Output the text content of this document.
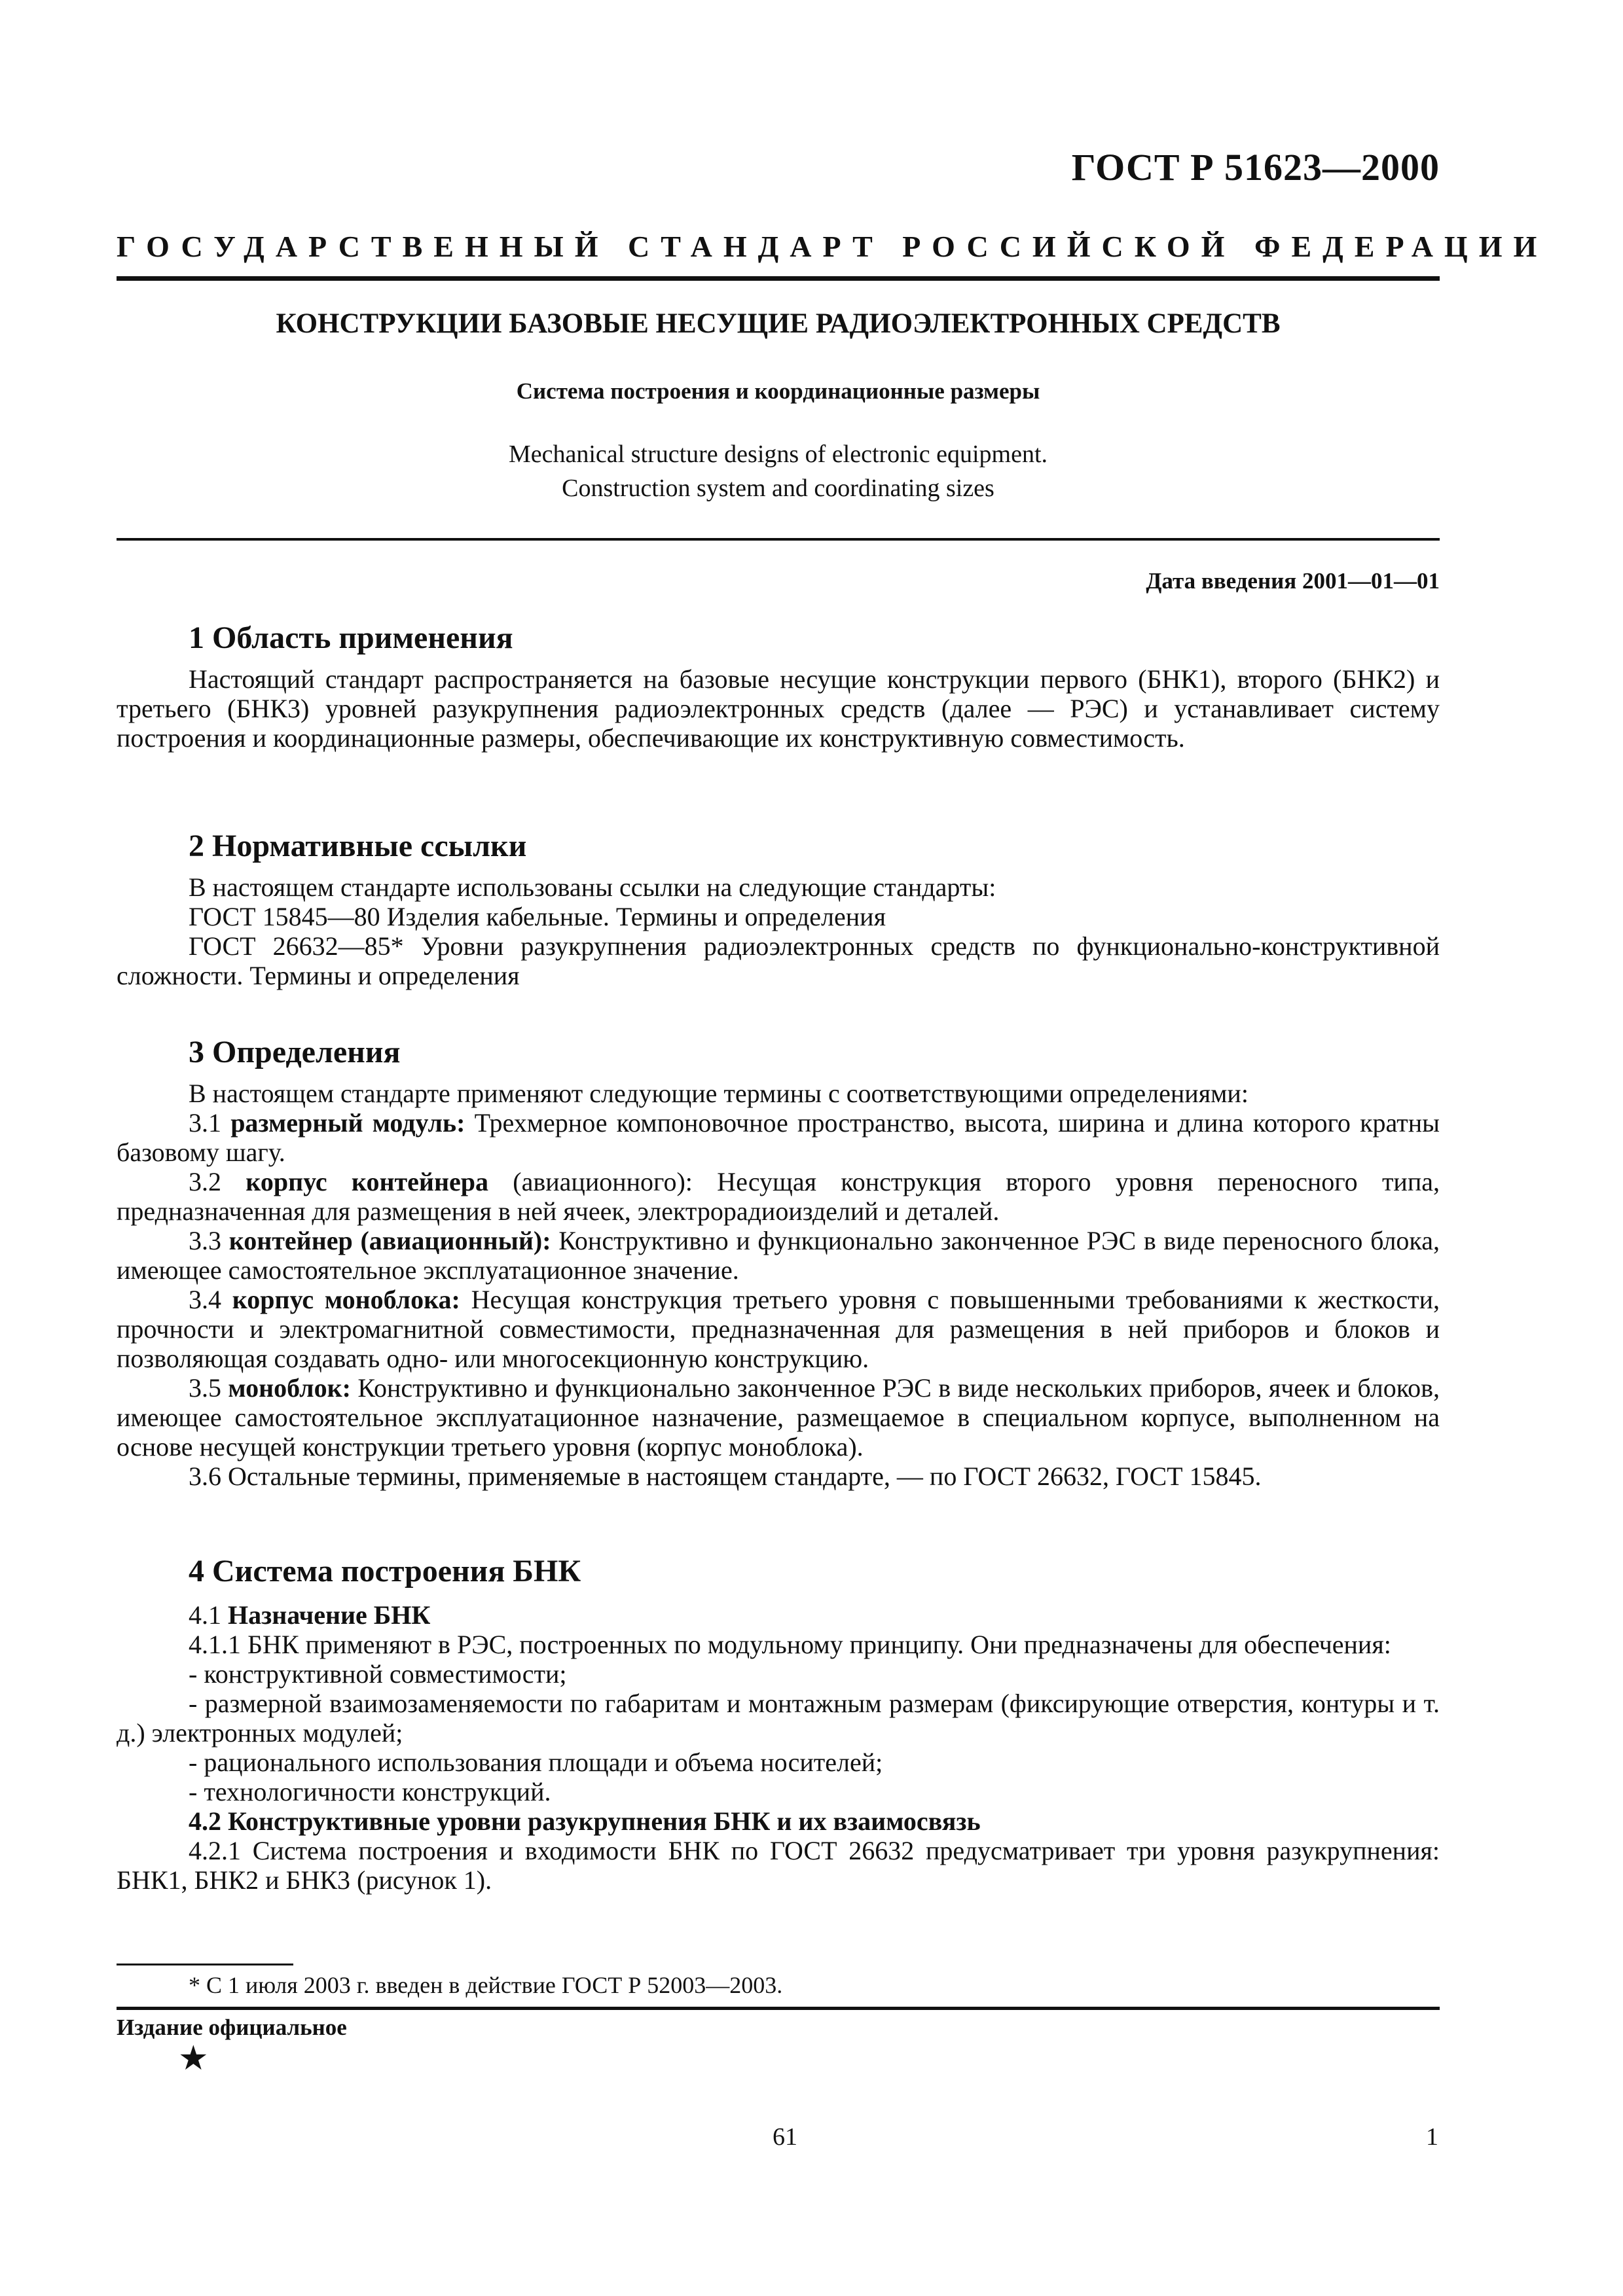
ГОСТ Р 51623—2000
ГОСУДАРСТВЕННЫЙ СТАНДАРТ РОССИЙСКОЙ ФЕДЕРАЦИИ
КОНСТРУКЦИИ БАЗОВЫЕ НЕСУЩИЕ РАДИОЭЛЕКТРОННЫХ СРЕДСТВ
Система построения и координационные размеры
Mechanical structure designs of electronic equipment.
Construction system and coordinating sizes
Дата введения 2001—01—01

1 Область применения

Настоящий стандарт распространяется на базовые несущие конструкции первого (БНК1), второго (БНК2) и третьего (БНК3) уровней разукрупнения радиоэлектронных средств (далее — РЭС) и устанавливает систему построения и координационные размеры, обеспечивающие их конструктивную совместимость.

2 Нормативные ссылки

В настоящем стандарте использованы ссылки на следующие стандарты:

ГОСТ 15845—80 Изделия кабельные. Термины и определения

ГОСТ 26632—85* Уровни разукрупнения радиоэлектронных средств по функционально-конструктивной сложности. Термины и определения

3 Определения

В настоящем стандарте применяют следующие термины с соответствующими определениями:

3.1 размерный модуль: Трехмерное компоновочное пространство, высота, ширина и длина которого кратны базовому шагу.

3.2 корпус контейнера (авиационного): Несущая конструкция второго уровня переносного типа, предназначенная для размещения в ней ячеек, электрорадиоизделий и деталей.

3.3 контейнер (авиационный): Конструктивно и функционально законченное РЭС в виде переносного блока, имеющее самостоятельное эксплуатационное значение.

3.4 корпус моноблока: Несущая конструкция третьего уровня с повышенными требованиями к жесткости, прочности и электромагнитной совместимости, предназначенная для размещения в ней приборов и блоков и позволяющая создавать одно- или многосекционную конструкцию.

3.5 моноблок: Конструктивно и функционально законченное РЭС в виде нескольких приборов, ячеек и блоков, имеющее самостоятельное эксплуатационное назначение, размещаемое в специальном корпусе, выполненном на основе несущей конструкции третьего уровня (корпус моноблока).

3.6 Остальные термины, применяемые в настоящем стандарте, — по ГОСТ 26632, ГОСТ 15845.

4 Система построения БНК

4.1 Назначение БНК

4.1.1 БНК применяют в РЭС, построенных по модульному принципу. Они предназначены для обеспечения:

- конструктивной совместимости;

- размерной взаимозаменяемости по габаритам и монтажным размерам (фиксирующие отверстия, контуры и т. д.) электронных модулей;

- рационального использования площади и объема носителей;

- технологичности конструкций.

4.2 Конструктивные уровни разукрупнения БНК и их взаимосвязь

4.2.1 Система построения и входимости БНК по ГОСТ 26632 предусматривает три уровня разукрупнения: БНК1, БНК2 и БНК3 (рисунок 1).

* С 1 июля 2003 г. введен в действие ГОСТ Р 52003—2003.
Издание официальное
★
61	1
